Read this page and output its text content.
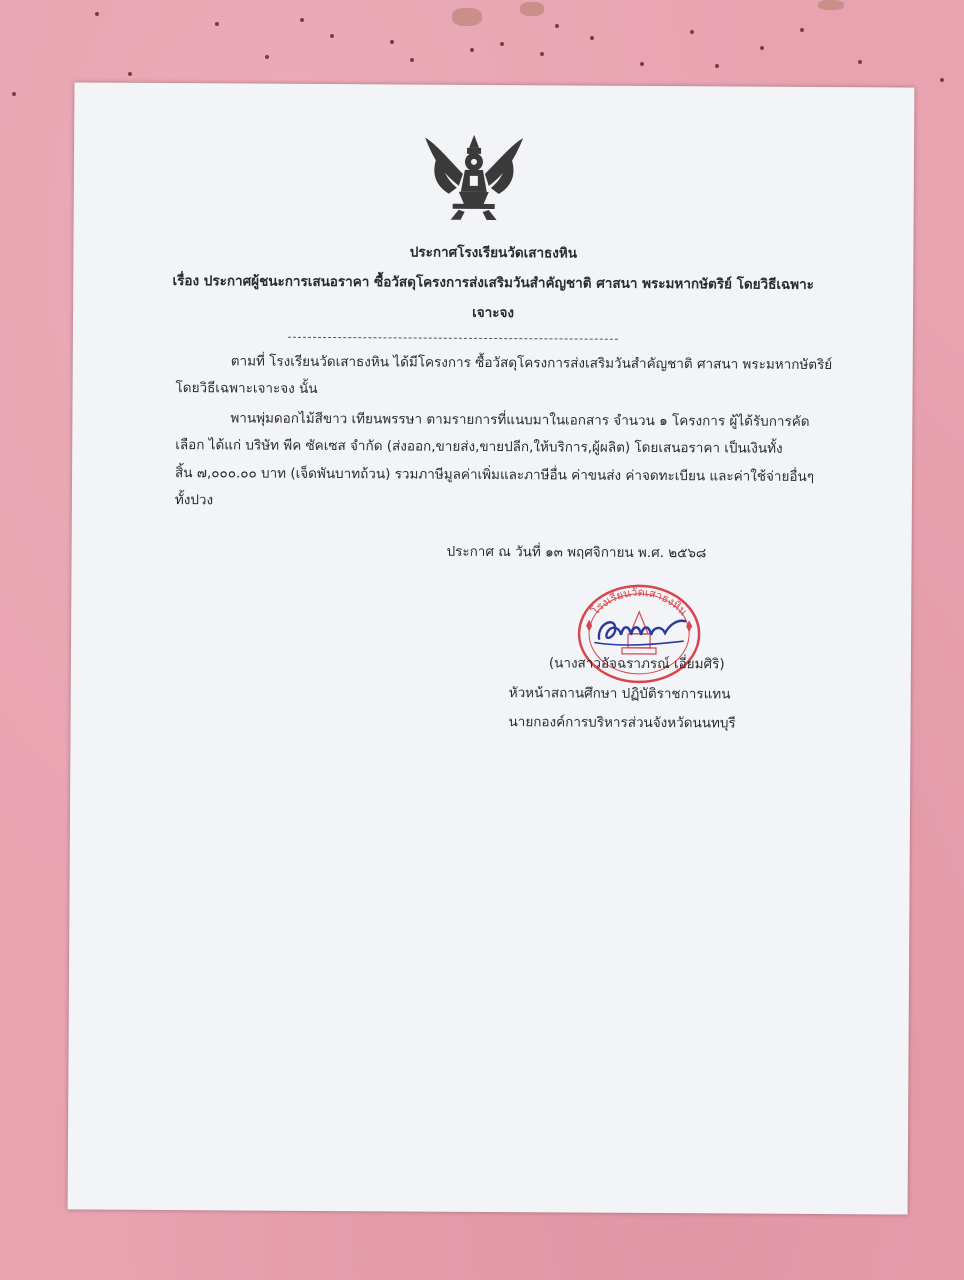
ประกาศโรงเรียนวัดเสาธงหิน
เรื่อง ประกาศผู้ชนะการเสนอราคา ซื้อวัสดุโครงการส่งเสริมวันสำคัญชาติ ศาสนา พระมหากษัตริย์ โดยวิธีเฉพาะ
เจาะจง
ตามที่ โรงเรียนวัดเสาธงหิน ได้มีโครงการ ซื้อวัสดุโครงการส่งเสริมวันสำคัญชาติ ศาสนา พระมหากษัตริย์
โดยวิธีเฉพาะเจาะจง นั้น
พานพุ่มดอกไม้สีขาว เทียนพรรษา ตามรายการที่แนบมาในเอกสาร จำนวน ๑ โครงการ ผู้ได้รับการคัด
เลือก ได้แก่ บริษัท พีค ซัคเซส จำกัด (ส่งออก,ขายส่ง,ขายปลีก,ให้บริการ,ผู้ผลิต) โดยเสนอราคา เป็นเงินทั้ง
สิ้น ๗,๐๐๐.๐๐ บาท (เจ็ดพันบาทถ้วน) รวมภาษีมูลค่าเพิ่มและภาษีอื่น ค่าขนส่ง ค่าจดทะเบียน และค่าใช้จ่ายอื่นๆ
ทั้งปวง
ประกาศ ณ วันที่ ๑๓ พฤศจิกายน พ.ศ. ๒๕๖๘
โรงเรียนวัดเสาธงหิน
(นางสาวอัจฉราภรณ์ เอี่ยมศิริ)
หัวหน้าสถานศึกษา ปฏิบัติราชการแทน
นายกองค์การบริหารส่วนจังหวัดนนทบุรี
